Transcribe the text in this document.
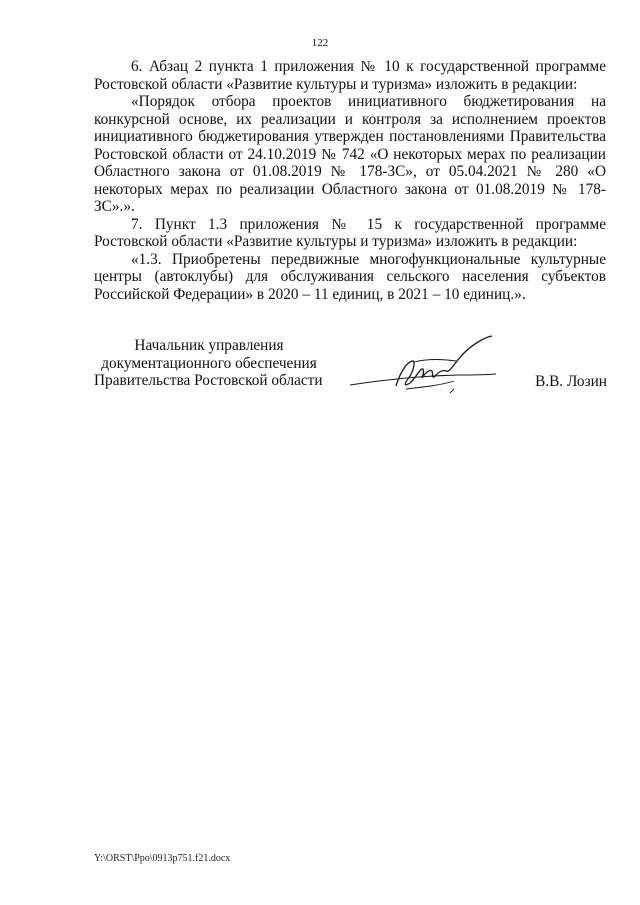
122

6. Абзац 2 пункта 1 приложения № 10 к государственной программе Ростовской области «Развитие культуры и туризма» изложить в редакции:

«Порядок отбора проектов инициативного бюджетирования на конкурсной основе, их реализации и контроля за исполнением проектов инициативного бюджетирования утвержден постановлениями Правительства Ростовской области от 24.10.2019 № 742 «О некоторых мерах по реализации Областного закона от 01.08.2019 № 178-ЗС», от 05.04.2021 № 280 «О некоторых мерах по реализации Областного закона от 01.08.2019 № 178-ЗС».».

7. Пункт 1.3 приложения № 15 к государственной программе Ростовской области «Развитие культуры и туризма» изложить в редакции:

«1.3. Приобретены передвижные многофункциональные культурные центры (автоклубы) для обслуживания сельского населения субъектов Российской Федерации» в 2020 – 11 единиц, в 2021 – 10 единиц.».

Начальник управления
документационного обеспечения
Правительства Ростовской области	В.В. Лозин
Y:\ORST\Ppo\0913p751.f21.docx
